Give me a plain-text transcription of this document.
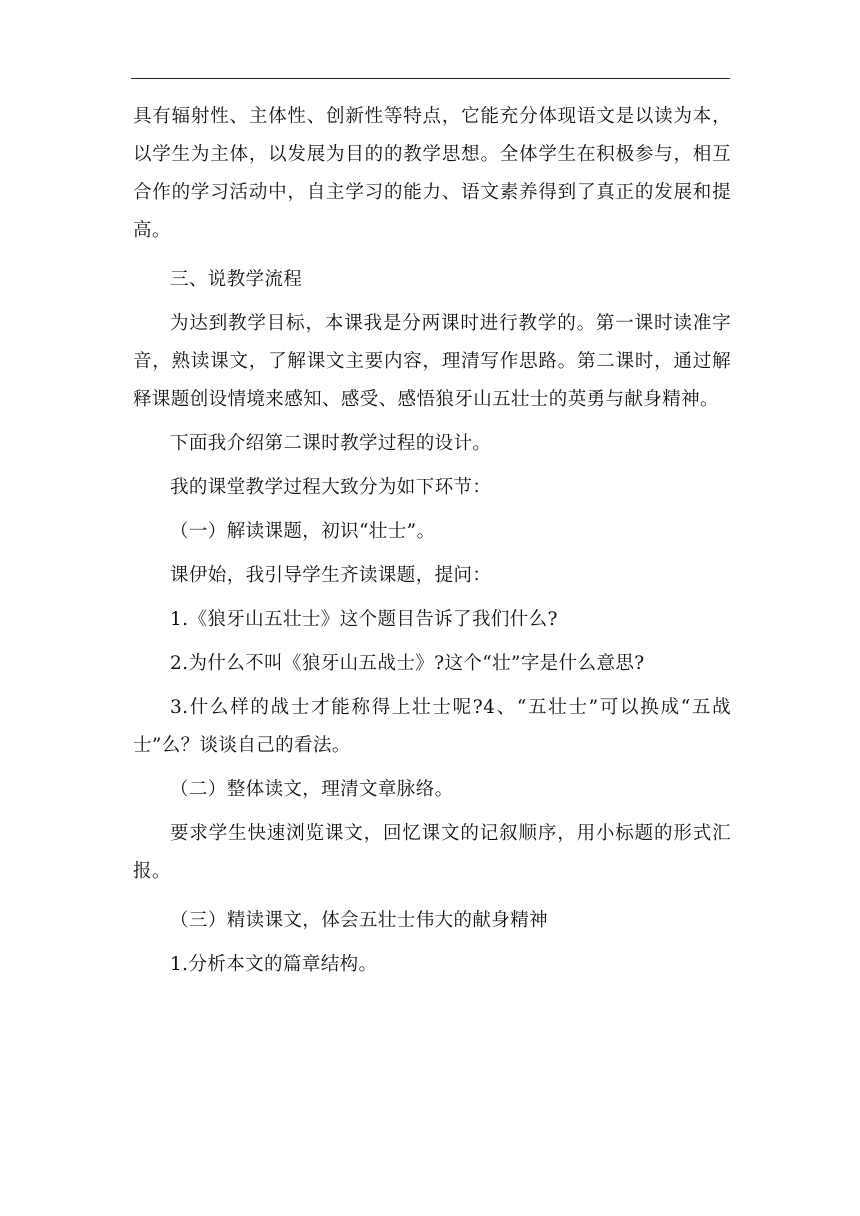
具有辐射性、主体性、创新性等特点，它能充分体现语文是以读为本，以学生为主体，以发展为目的的教学思想。全体学生在积极参与，相互合作的学习活动中，自主学习的能力、语文素养得到了真正的发展和提高。

三、说教学流程

为达到教学目标，本课我是分两课时进行教学的。第一课时读准字音，熟读课文，了解课文主要内容，理清写作思路。第二课时，通过解释课题创设情境来感知、感受、感悟狼牙山五壮士的英勇与献身精神。

下面我介绍第二课时教学过程的设计。

我的课堂教学过程大致分为如下环节：

（一）解读课题，初识“壮士”。

课伊始，我引导学生齐读课题，提问：

1.《狼牙山五壮士》这个题目告诉了我们什么?

2.为什么不叫《狼牙山五战士》?这个“壮”字是什么意思?

3.什么样的战士才能称得上壮士呢?4、“五壮士”可以换成“五战士”么？谈谈自己的看法。

（二）整体读文，理清文章脉络。

要求学生快速浏览课文，回忆课文的记叙顺序，用小标题的形式汇报。

（三）精读课文，体会五壮士伟大的献身精神

1.分析本文的篇章结构。
